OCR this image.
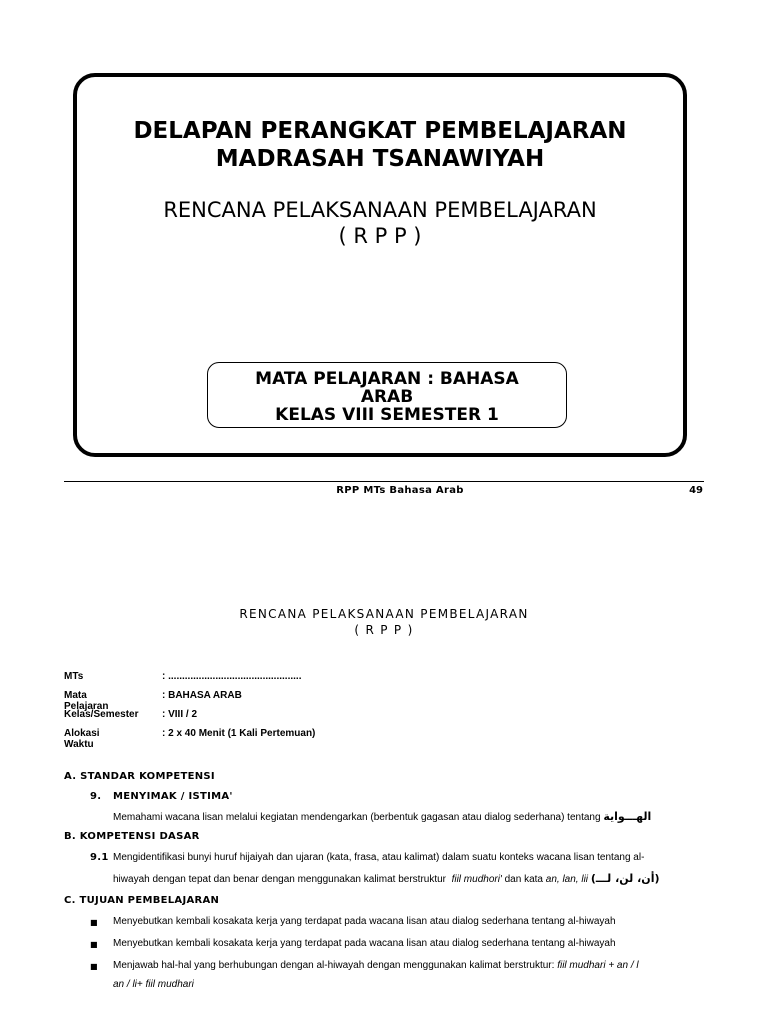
DELAPAN PERANGKAT PEMBELAJARAN
MADRASAH TSANAWIYAH
RENCANA PELAKSANAAN PEMBELAJARAN
( R P P )
MATA PELAJARAN : BAHASA
ARAB
KELAS VIII SEMESTER 1
RPP MTs Bahasa Arab	49
RENCANA PELAKSANAAN PEMBELAJARAN
( R P P )
MTs	: ................................................
Mata Pelajaran
: BAHASA ARAB
Kelas/Semester : VIII / 2
Alokasi Waktu
: 2 x 40 Menit (1 Kali Pertemuan)
A. STANDAR KOMPETENSI
9. MENYIMAK / ISTIMA'
Memahami wacana lisan melalui kegiatan mendengarkan (berbentuk gagasan atau dialog sederhana) tentang الهـــواية
B. KOMPETENSI DASAR
9.1 Mengidentifikasi bunyi huruf hijaiyah dan ujaran (kata, frasa, atau kalimat) dalam suatu konteks wacana lisan tentang al-
hiwayah dengan tepat dan benar dengan menggunakan kalimat berstruktur fiil mudhori' dan kata an, lan, lii (أن، لن، لـــ)
C. TUJUAN PEMBELAJARAN
■ Menyebutkan kembali kosakata kerja yang terdapat pada wacana lisan atau dialog sederhana tentang al-hiwayah
■ Menyebutkan kembali kosakata kerja yang terdapat pada wacana lisan atau dialog sederhana tentang al-hiwayah
■ Menjawab hal-hal yang berhubungan dengan al-hiwayah dengan menggunakan kalimat berstruktur: fiil mudhari + an / l
an / li+ fiil mudhari
